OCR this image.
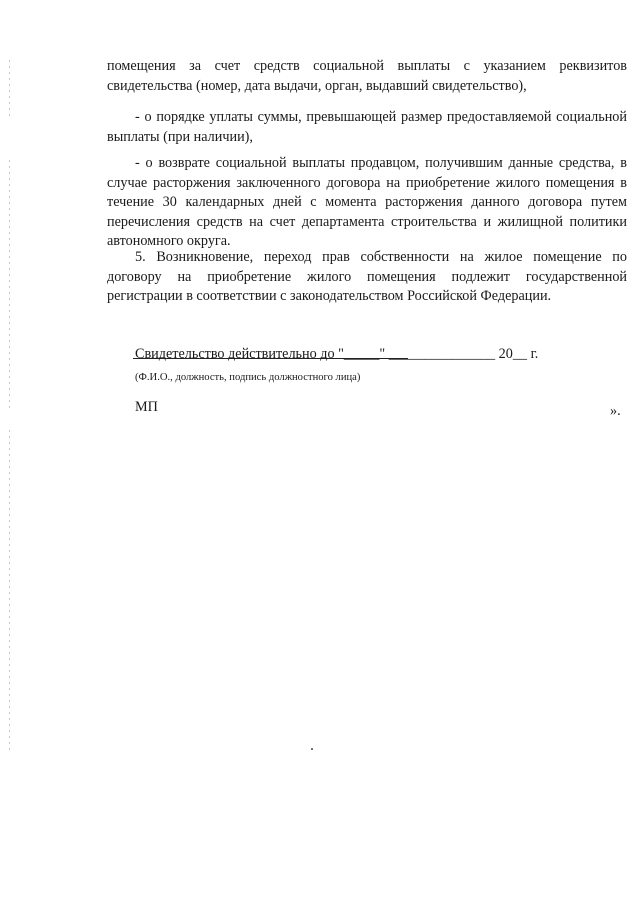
помещения за счет средств социальной выплаты с указанием реквизитов свидетельства (номер, дата выдачи, орган, выдавший свидетельство),

- о порядке уплаты суммы, превышающей размер предоставляемой социальной выплаты (при наличии),

- о возврате социальной выплаты продавцом, получившим данные средства, в случае расторжения заключенного договора на приобретение жилого помещения в течение 30 календарных дней с момента расторжения данного договора путем перечисления средств на счет департамента строительства и жилищной политики автономного округа.

5. Возникновение, переход прав собственности на жилое помещение по договору на приобретение жилого помещения подлежит государственной регистрации в соответствии с законодательством Российской Федерации.

Свидетельство действительно до "_____" _______________ 20__ г.
(Ф.И.О., должность, подпись должностного лица)
МП	».
